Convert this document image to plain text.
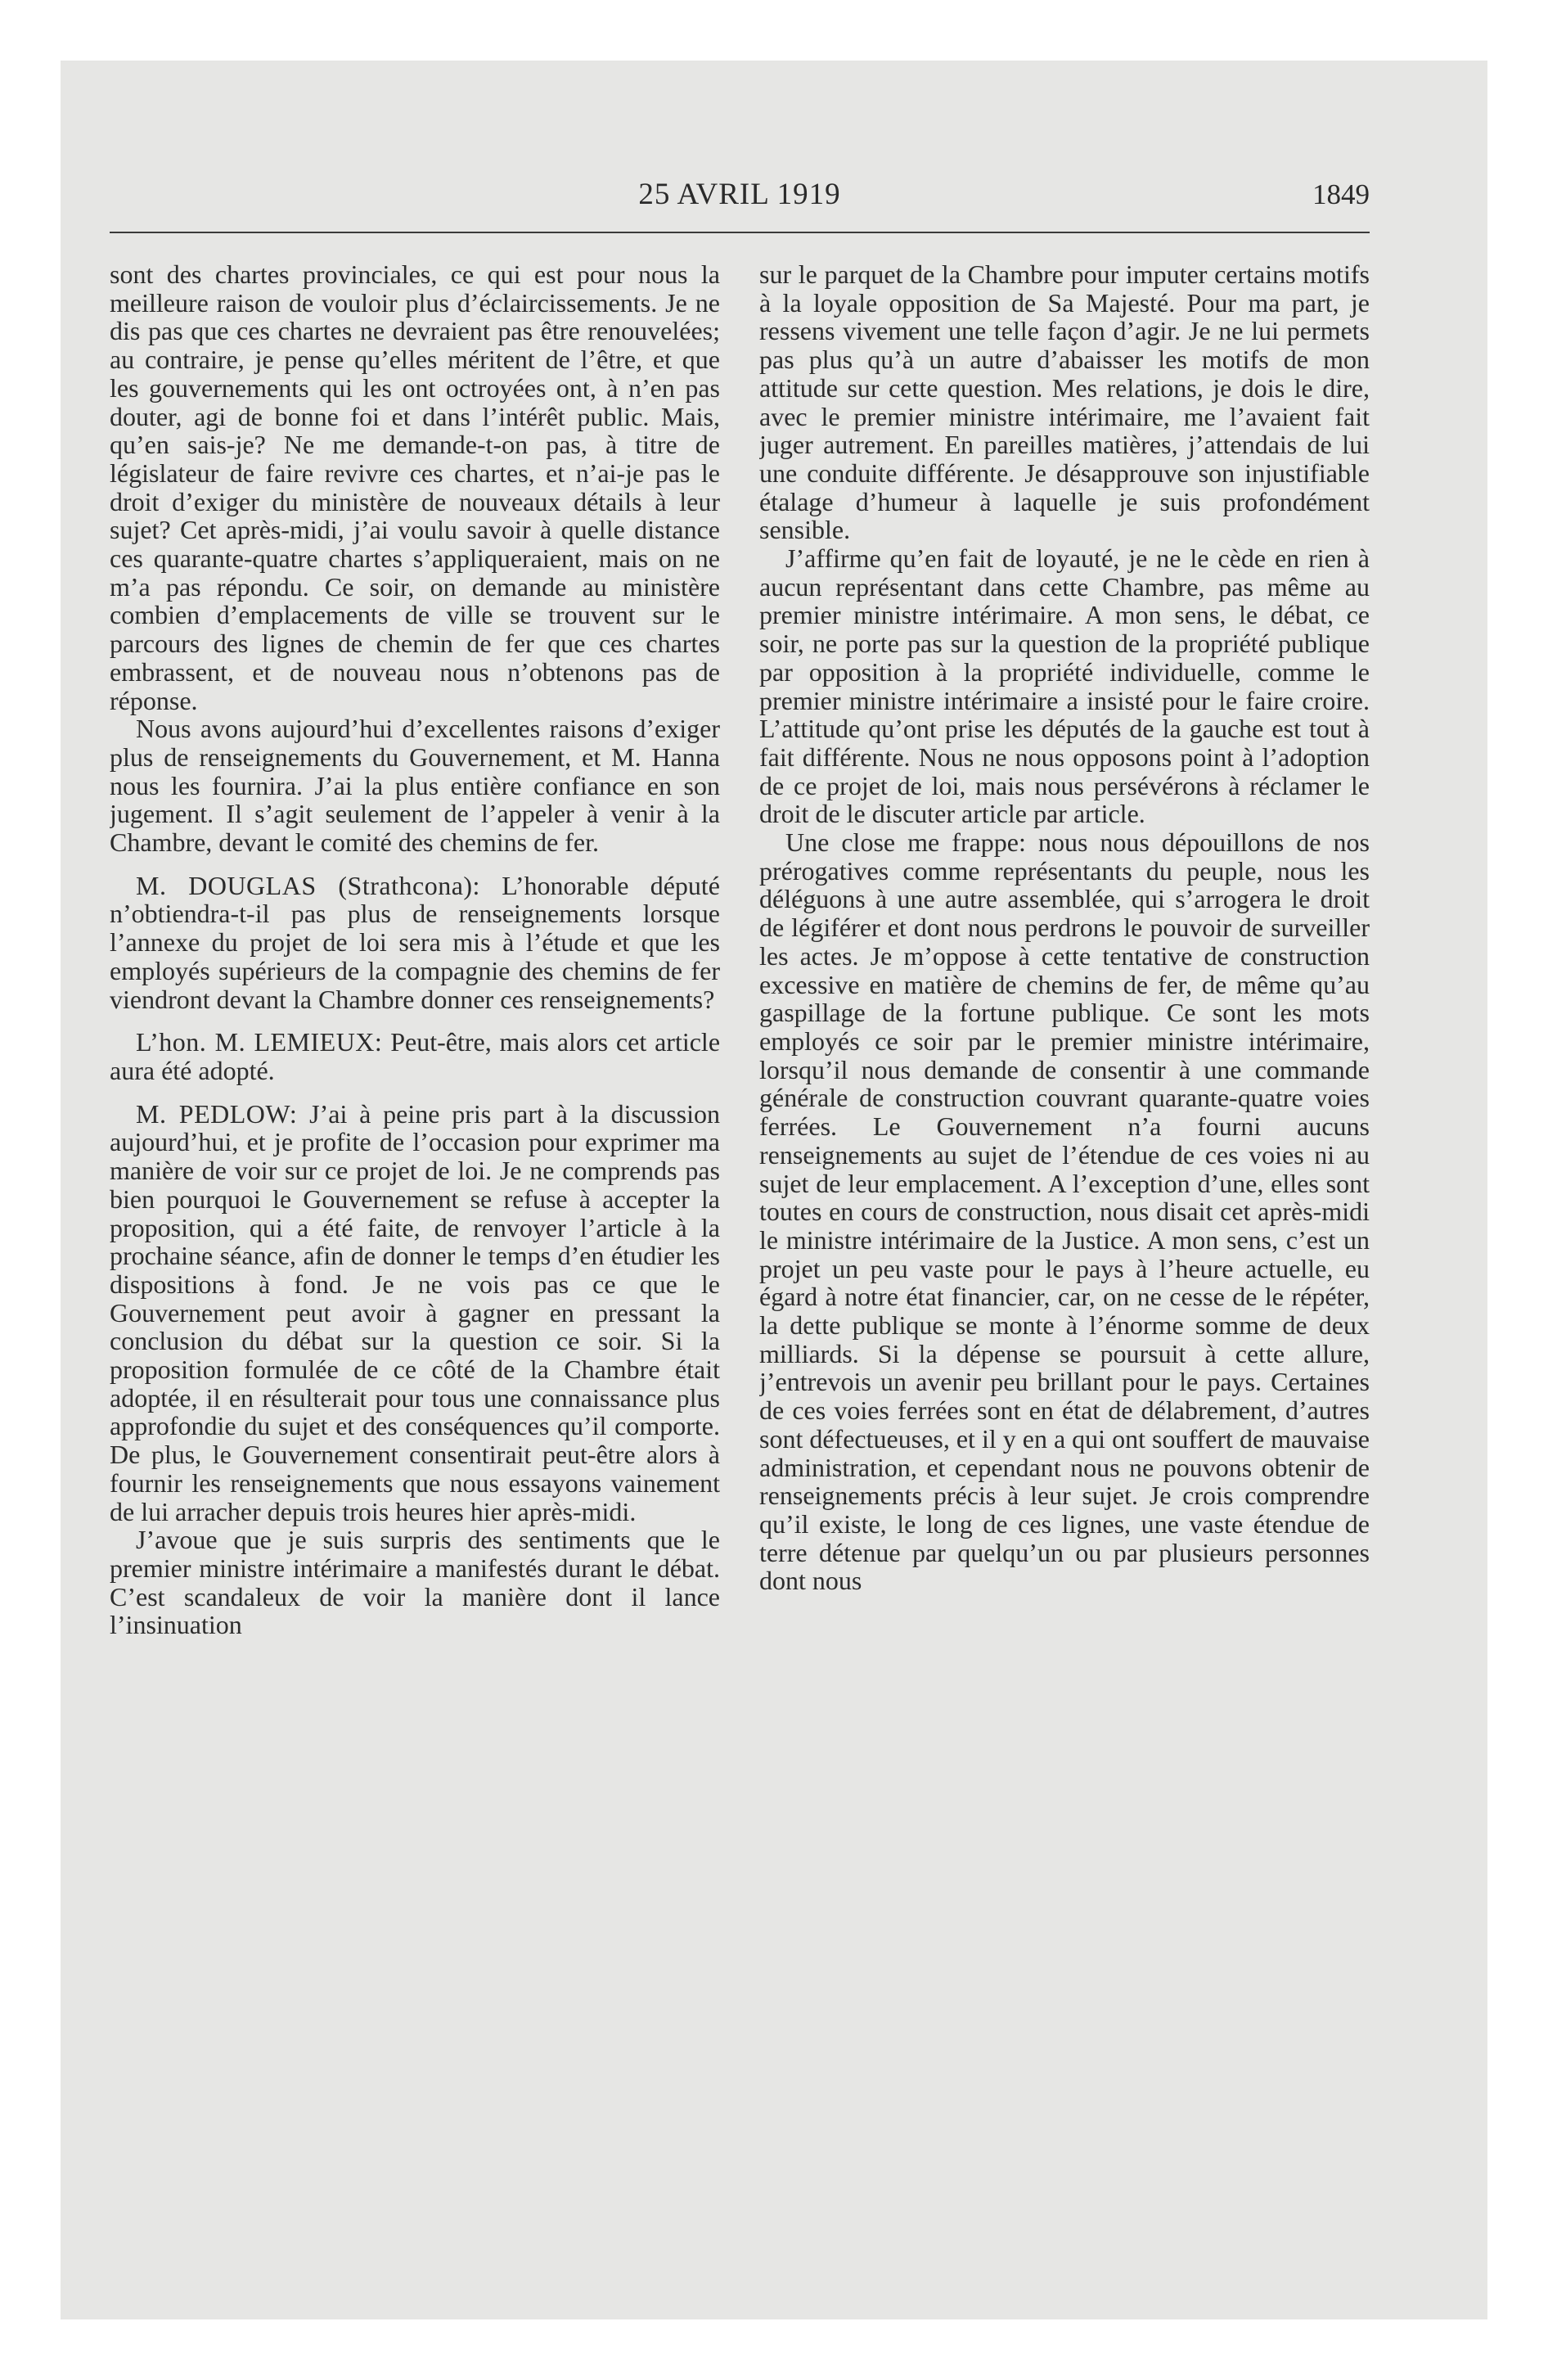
25 AVRIL 1919	1849

sont des chartes provinciales, ce qui est pour nous la meilleure raison de vouloir plus d’éclaircissements. Je ne dis pas que ces chartes ne devraient pas être renouvelées; au contraire, je pense qu’elles méritent de l’être, et que les gouvernements qui les ont octroyées ont, à n’en pas douter, agi de bonne foi et dans l’intérêt public. Mais, qu’en sais-je? Ne me demande-t-on pas, à titre de législateur de faire revivre ces chartes, et n’ai-je pas le droit d’exiger du ministère de nouveaux détails à leur sujet? Cet après-midi, j’ai voulu savoir à quelle distance ces quarante-quatre chartes s’appliqueraient, mais on ne m’a pas répondu. Ce soir, on demande au ministère combien d’emplacements de ville se trouvent sur le parcours des lignes de chemin de fer que ces chartes embrassent, et de nouveau nous n’obtenons pas de réponse.

Nous avons aujourd’hui d’excellentes raisons d’exiger plus de renseignements du Gouvernement, et M. Hanna nous les fournira. J’ai la plus entière confiance en son jugement. Il s’agit seulement de l’appeler à venir à la Chambre, devant le comité des chemins de fer.

M. DOUGLAS (Strathcona): L’honorable député n’obtiendra-t-il pas plus de renseignements lorsque l’annexe du projet de loi sera mis à l’étude et que les employés supérieurs de la compagnie des chemins de fer viendront devant la Chambre donner ces renseignements?

L’hon. M. LEMIEUX: Peut-être, mais alors cet article aura été adopté.

M. PEDLOW: J’ai à peine pris part à la discussion aujourd’hui, et je profite de l’occasion pour exprimer ma manière de voir sur ce projet de loi. Je ne comprends pas bien pourquoi le Gouvernement se refuse à accepter la proposition, qui a été faite, de renvoyer l’article à la prochaine séance, afin de donner le temps d’en étudier les dispositions à fond. Je ne vois pas ce que le Gouvernement peut avoir à gagner en pressant la conclusion du débat sur la question ce soir. Si la proposition formulée de ce côté de la Chambre était adoptée, il en résulterait pour tous une connaissance plus approfondie du sujet et des conséquences qu’il comporte. De plus, le Gouvernement consentirait peut-être alors à fournir les renseignements que nous essayons vainement de lui arracher depuis trois heures hier après-midi.

J’avoue que je suis surpris des sentiments que le premier ministre intérimaire a manifestés durant le débat. C’est scandaleux de voir la manière dont il lance l’insinuation

sur le parquet de la Chambre pour imputer certains motifs à la loyale opposition de Sa Majesté. Pour ma part, je ressens vivement une telle façon d’agir. Je ne lui permets pas plus qu’à un autre d’abaisser les motifs de mon attitude sur cette question. Mes relations, je dois le dire, avec le premier ministre intérimaire, me l’avaient fait juger autrement. En pareilles matières, j’attendais de lui une conduite différente. Je désapprouve son injustifiable étalage d’humeur à laquelle je suis profondément sensible.

J’affirme qu’en fait de loyauté, je ne le cède en rien à aucun représentant dans cette Chambre, pas même au premier ministre intérimaire. A mon sens, le débat, ce soir, ne porte pas sur la question de la propriété publique par opposition à la propriété individuelle, comme le premier ministre intérimaire a insisté pour le faire croire. L’attitude qu’ont prise les députés de la gauche est tout à fait différente. Nous ne nous opposons point à l’adoption de ce projet de loi, mais nous persévérons à réclamer le droit de le discuter article par article.

Une close me frappe: nous nous dépouillons de nos prérogatives comme représentants du peuple, nous les déléguons à une autre assemblée, qui s’arrogera le droit de légiférer et dont nous perdrons le pouvoir de surveiller les actes. Je m’oppose à cette tentative de construction excessive en matière de chemins de fer, de même qu’au gaspillage de la fortune publique. Ce sont les mots employés ce soir par le premier ministre intérimaire, lorsqu’il nous demande de consentir à une commande générale de construction couvrant quarante-quatre voies ferrées. Le Gouvernement n’a fourni aucuns renseignements au sujet de l’étendue de ces voies ni au sujet de leur emplacement. A l’exception d’une, elles sont toutes en cours de construction, nous disait cet après-midi le ministre intérimaire de la Justice. A mon sens, c’est un projet un peu vaste pour le pays à l’heure actuelle, eu égard à notre état financier, car, on ne cesse de le répéter, la dette publique se monte à l’énorme somme de deux milliards. Si la dépense se poursuit à cette allure, j’entrevois un avenir peu brillant pour le pays. Certaines de ces voies ferrées sont en état de délabrement, d’autres sont défectueuses, et il y en a qui ont souffert de mauvaise administration, et cependant nous ne pouvons obtenir de renseignements précis à leur sujet. Je crois comprendre qu’il existe, le long de ces lignes, une vaste étendue de terre détenue par quelqu’un ou par plusieurs personnes dont nous
